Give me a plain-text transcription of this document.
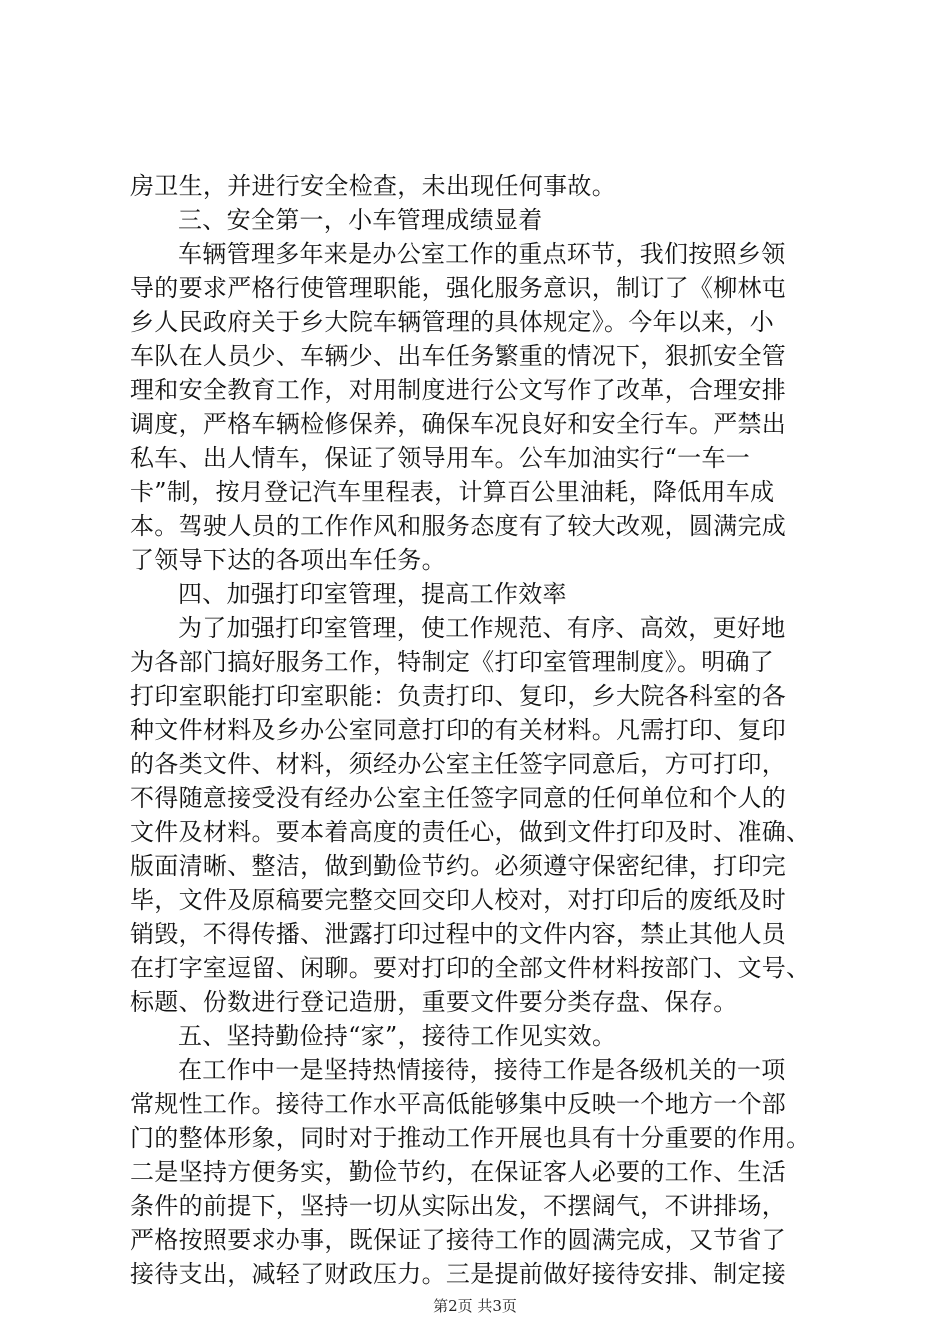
房卫生，并进行安全检查，未出现任何事故。
三、安全第一，小车管理成绩显着
车辆管理多年来是办公室工作的重点环节，我们按照乡领
导的要求严格行使管理职能，强化服务意识，制订了《柳林屯
乡人民政府关于乡大院车辆管理的具体规定》。今年以来，小
车队在人员少、车辆少、出车任务繁重的情况下，狠抓安全管
理和安全教育工作，对用制度进行公文写作了改革，合理安排
调度，严格车辆检修保养，确保车况良好和安全行车。严禁出
私车、出人情车，保证了领导用车。公车加油实行“一车一
卡”制，按月登记汽车里程表，计算百公里油耗，降低用车成
本。驾驶人员的工作作风和服务态度有了较大改观，圆满完成
了领导下达的各项出车任务。
四、加强打印室管理，提高工作效率
为了加强打印室管理，使工作规范、有序、高效，更好地
为各部门搞好服务工作，特制定《打印室管理制度》。明确了
打印室职能打印室职能：负责打印、复印，乡大院各科室的各
种文件材料及乡办公室同意打印的有关材料。凡需打印、复印
的各类文件、材料，须经办公室主任签字同意后，方可打印，
不得随意接受没有经办公室主任签字同意的任何单位和个人的
文件及材料。要本着高度的责任心，做到文件打印及时、准确、
版面清晰、整洁，做到勤俭节约。必须遵守保密纪律，打印完
毕，文件及原稿要完整交回交印人校对，对打印后的废纸及时
销毁，不得传播、泄露打印过程中的文件内容，禁止其他人员
在打字室逗留、闲聊。要对打印的全部文件材料按部门、文号、
标题、份数进行登记造册，重要文件要分类存盘、保存。
五、坚持勤俭持“家”，接待工作见实效。
在工作中一是坚持热情接待，接待工作是各级机关的一项
常规性工作。接待工作水平高低能够集中反映一个地方一个部
门的整体形象，同时对于推动工作开展也具有十分重要的作用。
二是坚持方便务实，勤俭节约，在保证客人必要的工作、生活
条件的前提下，坚持一切从实际出发，不摆阔气，不讲排场，
严格按照要求办事，既保证了接待工作的圆满完成，又节省了
接待支出，减轻了财政压力。三是提前做好接待安排、制定接
第2页 共3页
